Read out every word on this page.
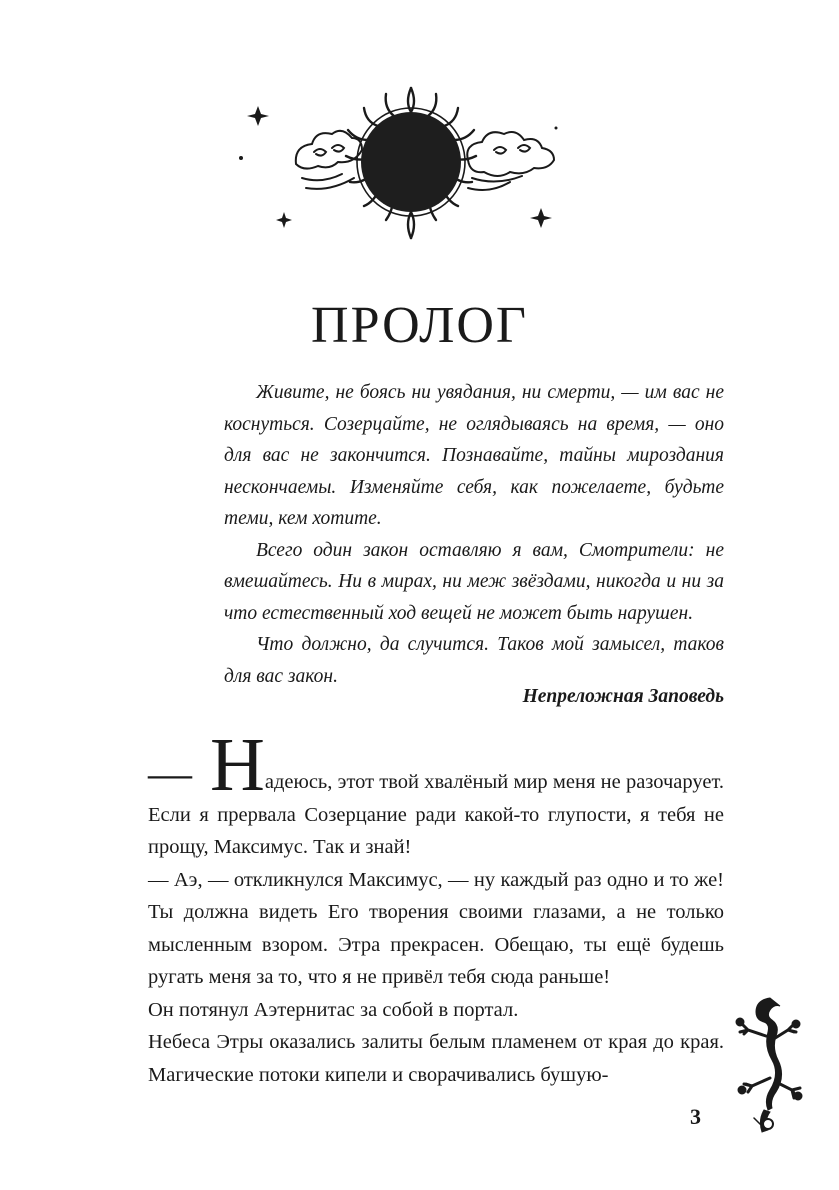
ПРОЛОГ

Живите, не боясь ни увядания, ни смерти, — им вас не коснуться. Созерцайте, не оглядываясь на время, — оно для вас не закончится. Познавайте, тайны мироздания нескончаемы. Изменяйте себя, как пожелаете, будьте теми, кем хотите.

Всего один закон оставляю я вам, Смотрители: не вмешайтесь. Ни в мирах, ни меж звёздами, никогда и ни за что естественный ход вещей не может быть нарушен.

Что должно, да случится. Таков мой замысел, таков для вас закон.

Непреложная Заповедь

— Надеюсь, этот твой хвалёный мир меня не разочарует. Если я прервала Созерцание ради какой-то глупости, я тебя не прощу, Максимус. Так и знай!

— Аэ, — откликнулся Максимус, — ну каждый раз одно и то же! Ты должна видеть Его творения своими глазами, а не только мысленным взором. Этра прекрасен. Обещаю, ты ещё будешь ругать меня за то, что я не привёл тебя сюда раньше!

Он потянул Аэтернитас за собой в портал.

Небеса Этры оказались залиты белым пламенем от края до края. Магические потоки кипели и сворачивались бушую-

3
